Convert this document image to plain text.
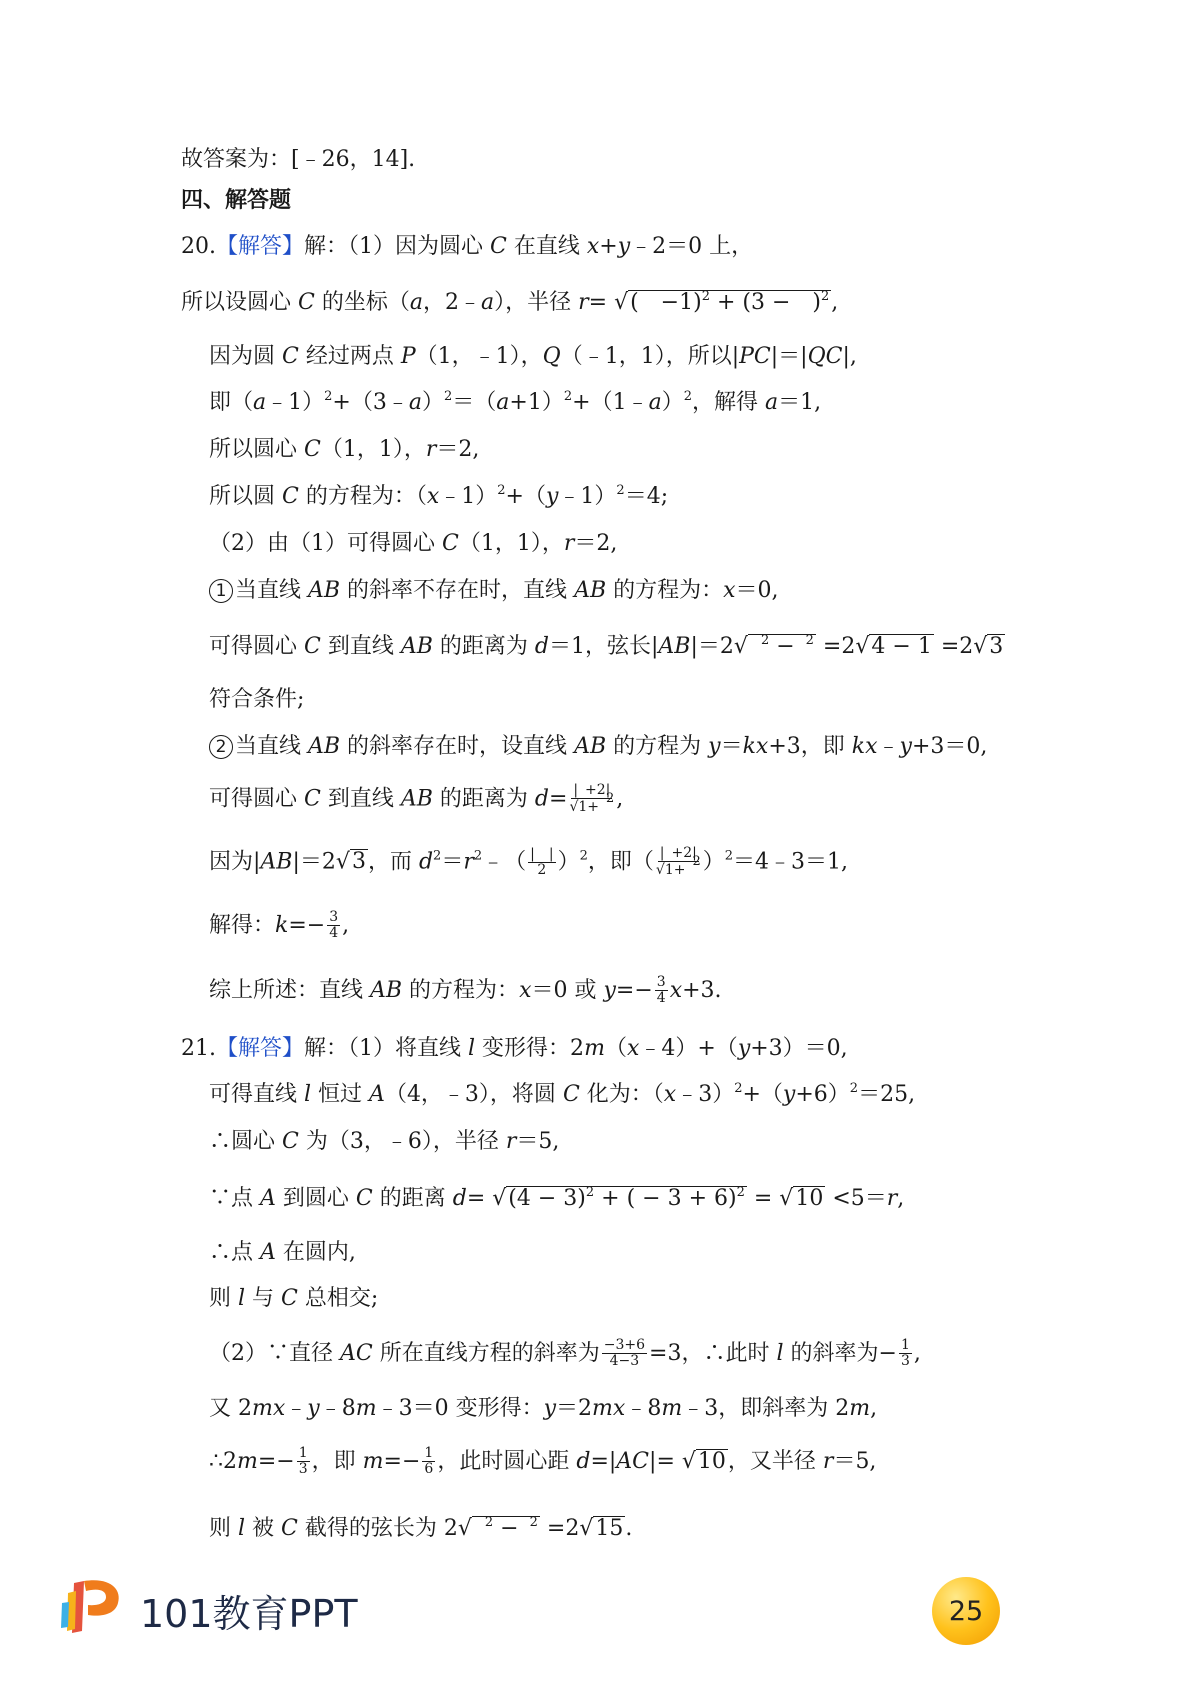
故答案为：[﹣26，14].
四、解答题
20.【解答】解：（1）因为圆心 C 在直线 x+y﹣2＝0 上，
所以设圆心 C 的坐标（a，2﹣a），半径 r= √( −1)$^2$ + (3 − )$^2$,
因为圆 C 经过两点 P（1，﹣1），Q（﹣1，1），所以|PC|＝|QC|,
即$(a﹣1)^2+(3﹣a)^2=(a+1)^2+(1﹣a)^2$，解得 a＝1,
所以圆心 C（1，1），r＝2,
所以圆 C 的方程为：（x﹣1）$^2$+（y﹣1）$^2$＝4;
（2）由（1）可得圆心 C（1，1），r＝2,
1 当直线 AB 的斜率不存在时，直线 AB 的方程为：x＝0,
可得圆心 C 到直线 AB 的距离为 d＝1，弦长|AB|＝2√  $^2$ − $^2$ =2√4 − 1 =2√3
符合条件;
2 当直线 AB 的斜率存在时，设直线 AB 的方程为 y＝kx+3，即 kx﹣y+3＝0,
可得圆心 C 到直线 AB 的距离为 $d= \frac{| +2|}{√1+ ^2}$ ,
因为|AB|＝2√3，而 $d^2=r^2﹣( \frac{| |}{2} )^2$，即（ $\frac{| +2|}{√1+ ^2}$ ）$^2$＝4﹣3＝1,
解得：$k=- \frac{3}{4}$ ,
综上所述：直线 AB 的方程为：x＝0 或 $y=- \frac{3}{4} x+3$.
21.【解答】解：（1）将直线 l 变形得：2m（x﹣4）+（y+3）＝0,
可得直线 l 恒过 A（4，﹣3），将圆 C 化为：$(x﹣3)^2+(y+6)^2=25$,
∴圆心 C 为（3，﹣6），半径 r＝5,
∵点 A 到圆心 C 的距离 $d= √(4 - 3)^2$ + ( − 3 + 6)$^2$ = √10 <5＝r,
∴点 A 在圆内,
则 l 与 C 总相交;
（2）∵直径 AC 所在直线方程的斜率为 $\frac{-3+6}{4-3} =3$，∴此时 l 的斜率为− $\frac{1}{3}$ ,
又 2mx﹣y﹣8m﹣3＝0 变形得：y＝2mx﹣8m﹣3，即斜率为 2m,
∴2m=− $\frac{1}{3}$ ，即 $m=- \frac{1}{6}$ ，此时圆心距 d=|AC|= √10，又半径 r＝5,
则 l 被 C 截得的弦长为 2√  $^2$ − $^2$ =2√15.
101教育PPT	25
